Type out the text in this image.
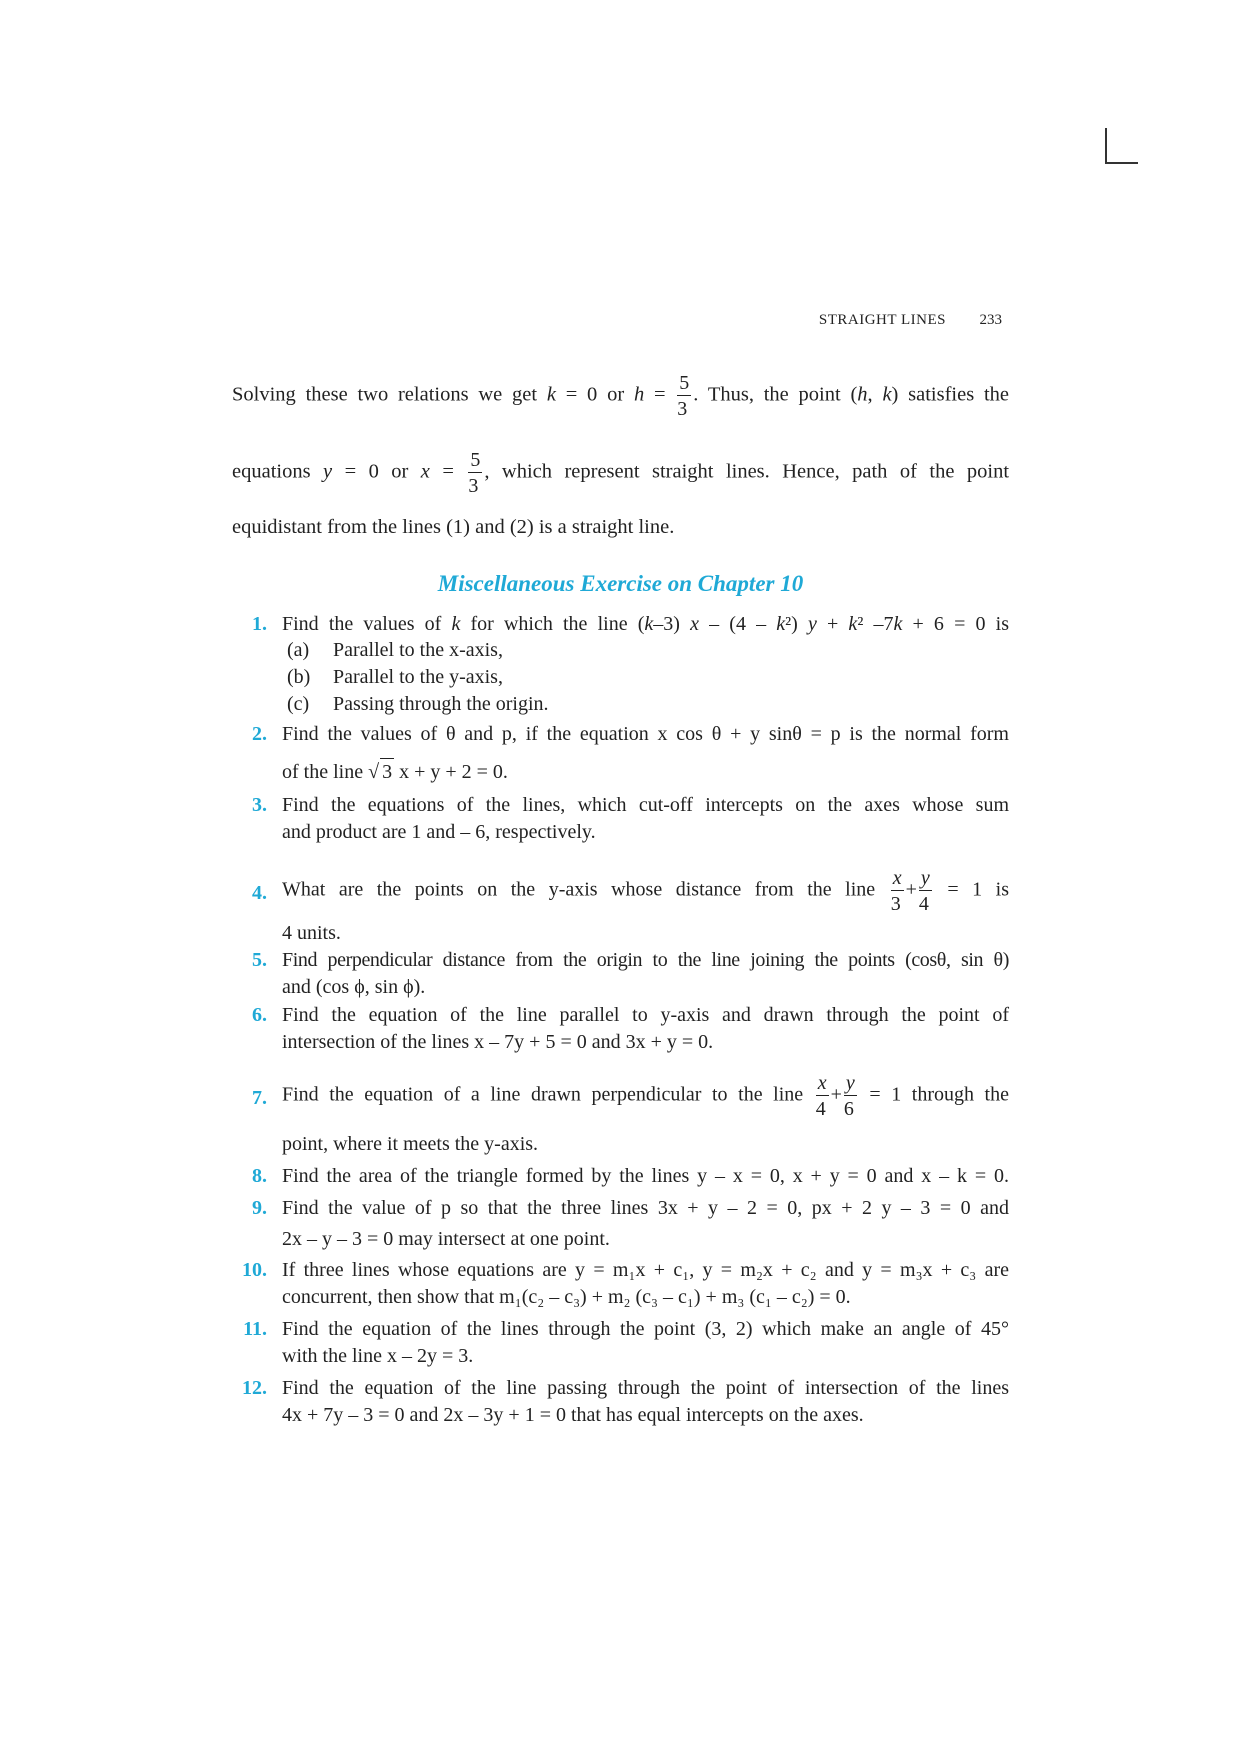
STRAIGHT LINES 233
Solving these two relations we get k = 0 or $h = \frac{5}{3}$ . Thus, the point (h, k) satisfies the
equations y = 0 or $x = \frac{5}{3}$ , which represent straight lines. Hence, path of the point
equidistant from the lines (1) and (2) is a straight line.
Miscellaneous Exercise on Chapter 10
1. Find the values of k for which the line (k–3) x – (4 – k²) y + k² –7k + 6 = 0 is
(a) Parallel to the x-axis,
(b) Parallel to the y-axis,
(c) Passing through the origin.
2. Find the values of θ and p, if the equation x cos θ + y sinθ = p is the normal form
of the line √ 3 x + y + 2 = 0.
3. Find the equations of the lines, which cut-off intercepts on the axes whose sum
and product are 1 and – 6, respectively.
4. What are the points on the y-axis whose distance from the line $\frac{x}{3} + \frac{y}{4} = 1$ is
4 units.
5. Find perpendicular distance from the origin to the line joining the points (cosθ, sin θ)
and (cos ϕ, sin ϕ).
6. Find the equation of the line parallel to y-axis and drawn through the point of
intersection of the lines x – 7y + 5 = 0 and 3x + y = 0.
7. Find the equation of a line drawn perpendicular to the line $\frac{x}{4} + \frac{y}{6} = 1$ through the
point, where it meets the y-axis.
8. Find the area of the triangle formed by the lines y – x = 0, x + y = 0 and x – k = 0.
9. Find the value of p so that the three lines 3x + y – 2 = 0, px + 2 y – 3 = 0 and
2x – y – 3 = 0 may intersect at one point.
10. If three lines whose equations are y = m₁x + c₁, y = m₂x + c₂ and y = m₃x + c₃ are
concurrent, then show that m₁(c₂ – c₃) + m₂ (c₃ – c₁) + m₃ (c₁ – c₂) = 0.
11. Find the equation of the lines through the point (3, 2) which make an angle of 45°
with the line x – 2y = 3.
12. Find the equation of the line passing through the point of intersection of the lines
4x + 7y – 3 = 0 and 2x – 3y + 1 = 0 that has equal intercepts on the axes.
